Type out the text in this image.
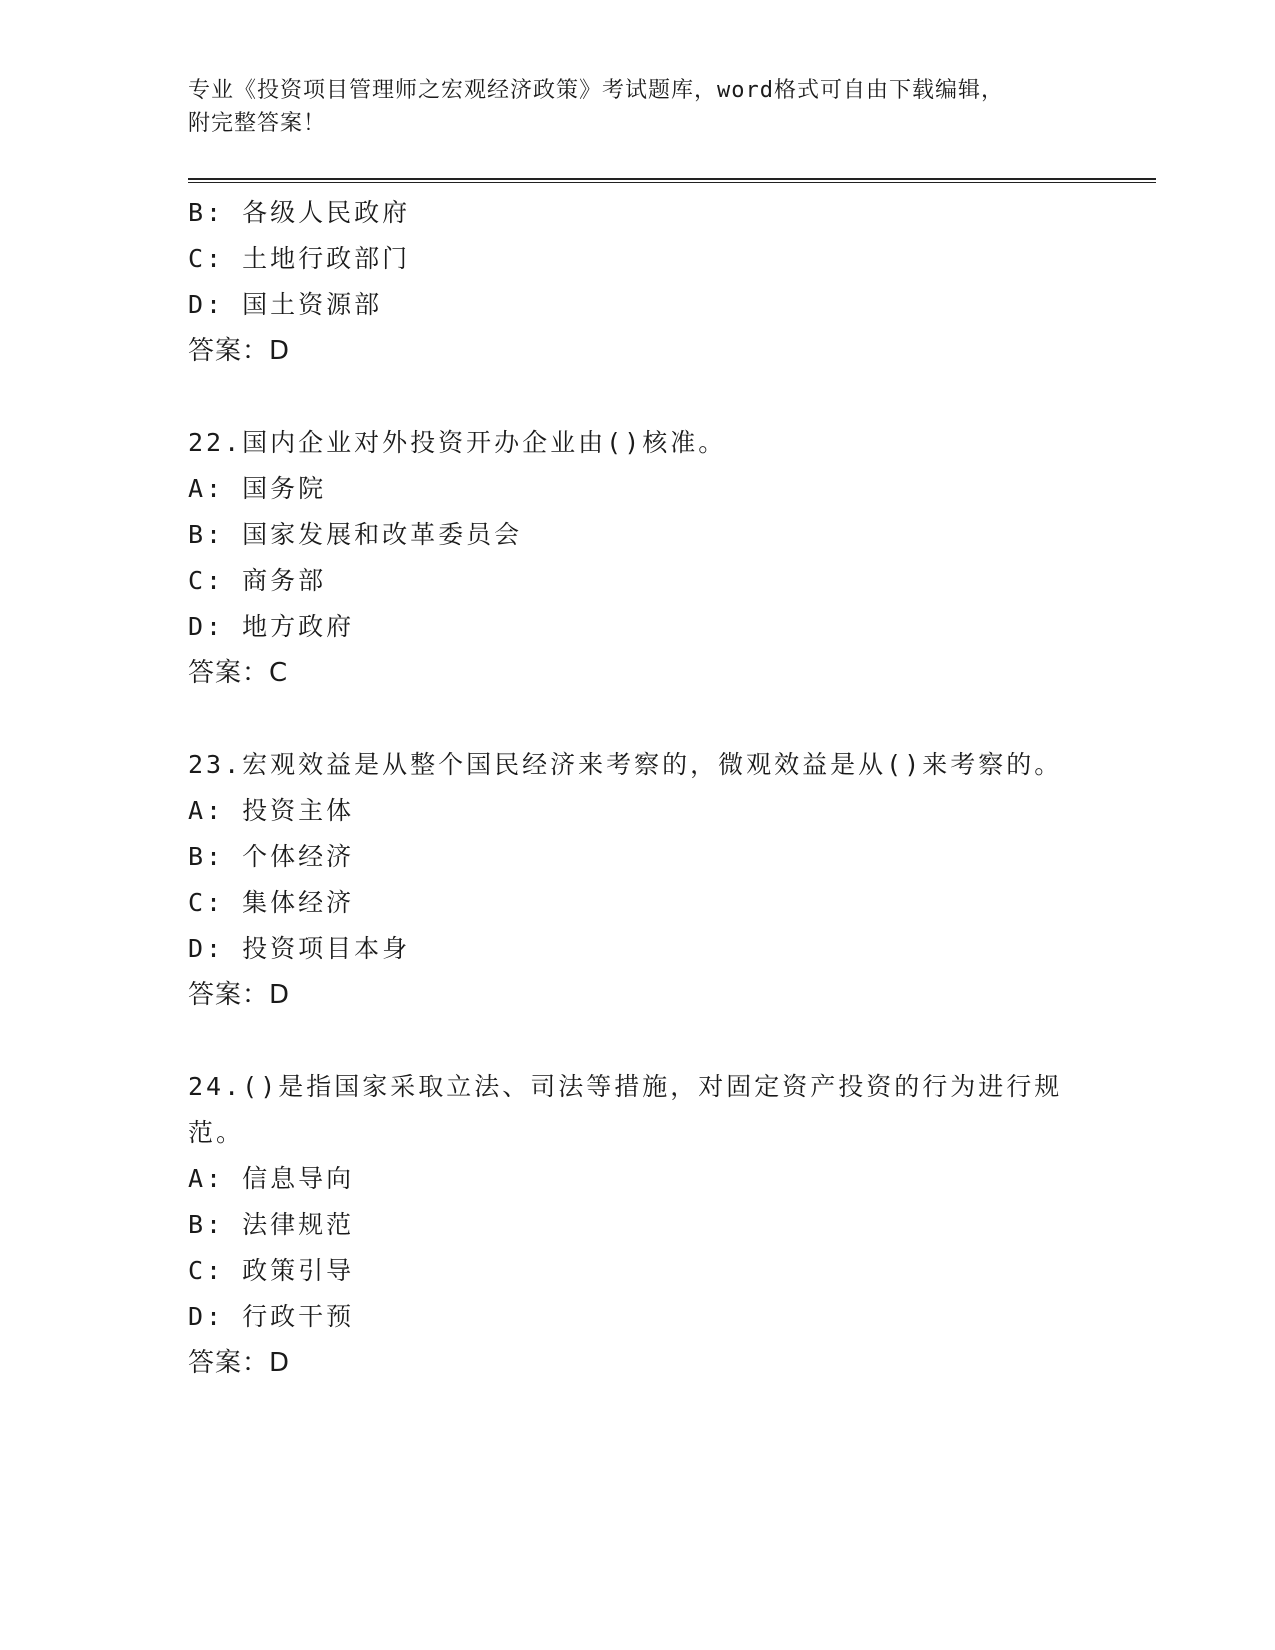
专业《投资项目管理师之宏观经济政策》考试题库，word格式可自由下载编辑，
附完整答案！
B: 各级人民政府
C: 土地行政部门
D: 国土资源部
答案：D
22.国内企业对外投资开办企业由()核准。
A: 国务院
B: 国家发展和改革委员会
C: 商务部
D: 地方政府
答案：C
23.宏观效益是从整个国民经济来考察的，微观效益是从()来考察的。
A: 投资主体
B: 个体经济
C: 集体经济
D: 投资项目本身
答案：D
24.()是指国家采取立法、司法等措施，对固定资产投资的行为进行规范。
A: 信息导向
B: 法律规范
C: 政策引导
D: 行政干预
答案：D
